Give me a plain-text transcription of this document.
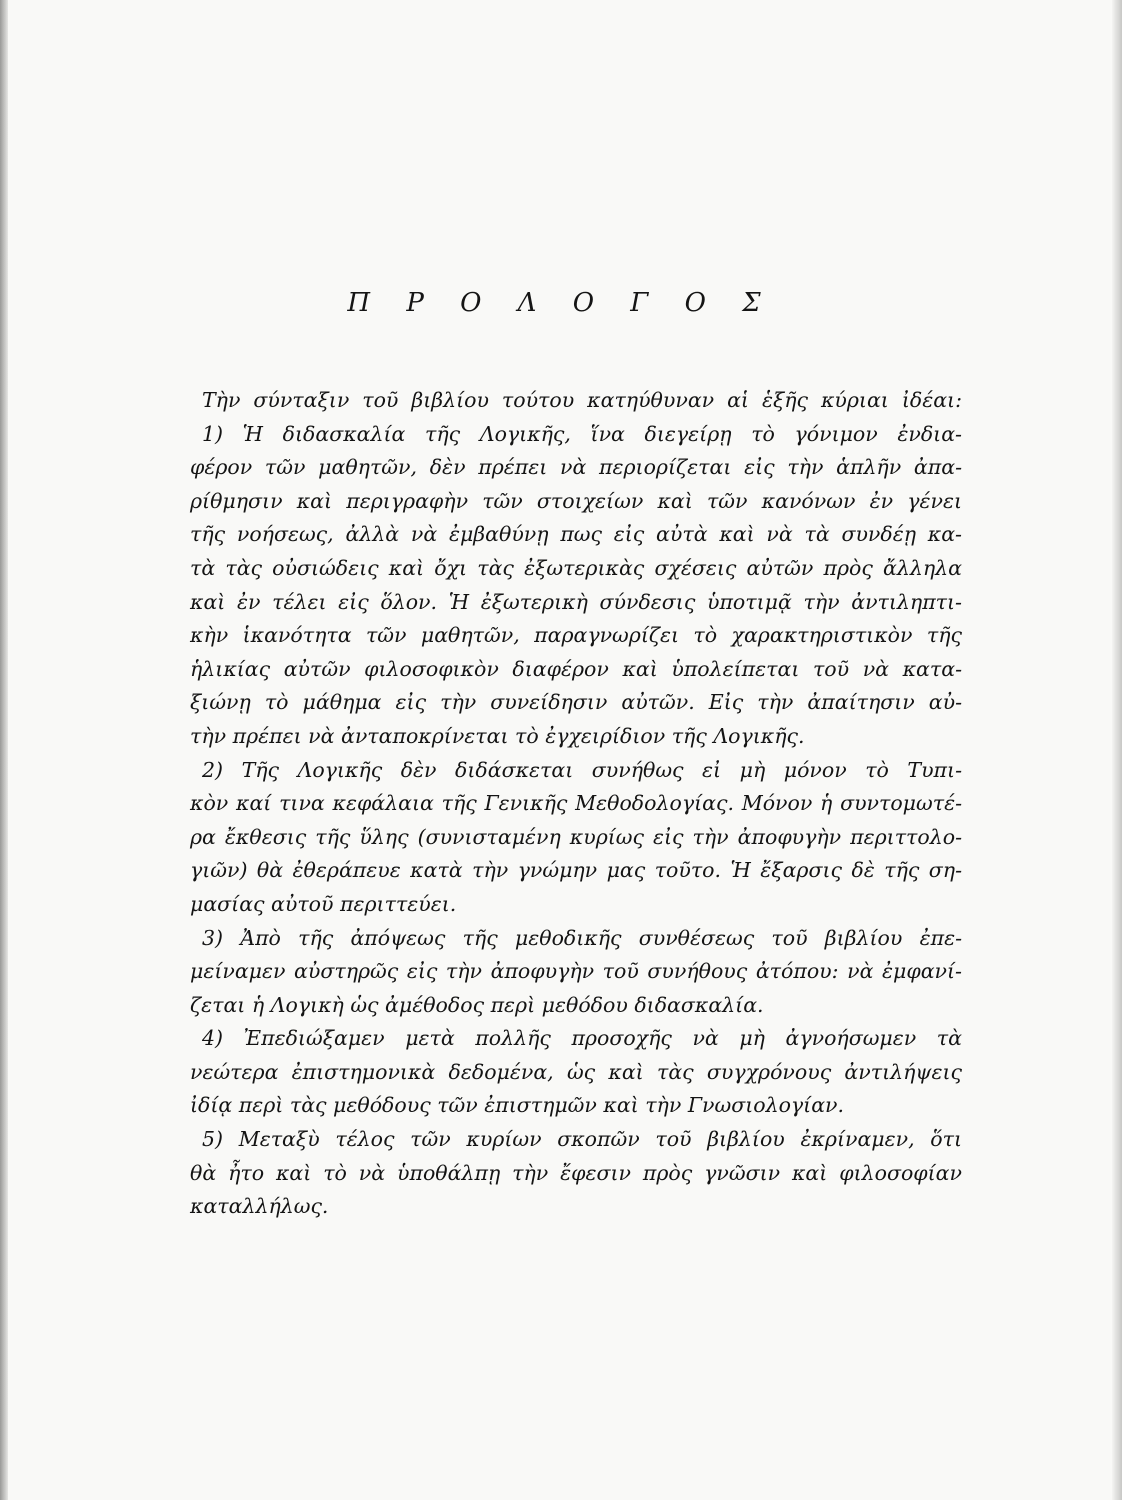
Π Ρ Ο Λ Ο Γ Ο Σ
Τὴν σύνταξιν τοῦ βιβλίου τούτου κατηύθυναν αἱ ἑξῆς κύριαι ἰδέαι:
1) Ἡ διδασκαλία τῆς Λογικῆς, ἵνα διεγείρῃ τὸ γόνιμον ἐνδια-
φέρον τῶν μαθητῶν, δὲν πρέπει νὰ περιορίζεται εἰς τὴν ἁπλῆν ἀπα-
ρίθμησιν καὶ περιγραφὴν τῶν στοιχείων καὶ τῶν κανόνων ἐν γένει
τῆς νοήσεως, ἀλλὰ νὰ ἐμβαθύνῃ πως εἰς αὐτὰ καὶ νὰ τὰ συνδέῃ κα-
τὰ τὰς οὐσιώδεις καὶ ὄχι τὰς ἐξωτερικὰς σχέσεις αὐτῶν πρὸς ἄλληλα
καὶ ἐν τέλει εἰς ὅλον. Ἡ ἐξωτερικὴ σύνδεσις ὑποτιμᾷ τὴν ἀντιληπτι-
κὴν ἱκανότητα τῶν μαθητῶν, παραγνωρίζει τὸ χαρακτηριστικὸν τῆς
ἡλικίας αὐτῶν φιλοσοφικὸν διαφέρον καὶ ὑπολείπεται τοῦ νὰ κατα-
ξιώνῃ τὸ μάθημα εἰς τὴν συνείδησιν αὐτῶν. Εἰς τὴν ἀπαίτησιν αὐ-
τὴν πρέπει νὰ ἀνταποκρίνεται τὸ ἐγχειρίδιον τῆς Λογικῆς.
2) Τῆς Λογικῆς δὲν διδάσκεται συνήθως εἰ μὴ μόνον τὸ Τυπι-
κὸν καί τινα κεφάλαια τῆς Γενικῆς Μεθοδολογίας. Μόνον ἡ συντομωτέ-
ρα ἔκθεσις τῆς ὕλης (συνισταμένη κυρίως εἰς τὴν ἀποφυγὴν περιττολο-
γιῶν) θὰ ἐθεράπευε κατὰ τὴν γνώμην μας τοῦτο. Ἡ ἔξαρσις δὲ τῆς ση-
μασίας αὐτοῦ περιττεύει.
3) Ἀπὸ τῆς ἀπόψεως τῆς μεθοδικῆς συνθέσεως τοῦ βιβλίου ἐπε-
μείναμεν αὐστηρῶς εἰς τὴν ἀποφυγὴν τοῦ συνήθους ἀτόπου: νὰ ἐμφανί-
ζεται ἡ Λογικὴ ὡς ἀμέθοδος περὶ μεθόδου διδασκαλία.
4) Ἐπεδιώξαμεν μετὰ πολλῆς προσοχῆς νὰ μὴ ἀγνοήσωμεν τὰ
νεώτερα ἐπιστημονικὰ δεδομένα, ὡς καὶ τὰς συγχρόνους ἀντιλήψεις
ἰδίᾳ περὶ τὰς μεθόδους τῶν ἐπιστημῶν καὶ τὴν Γνωσιολογίαν.
5) Μεταξὺ τέλος τῶν κυρίων σκοπῶν τοῦ βιβλίου ἐκρίναμεν, ὅτι
θὰ ἦτο καὶ τὸ νὰ ὑποθάλπῃ τὴν ἔφεσιν πρὸς γνῶσιν καὶ φιλοσοφίαν
καταλλήλως.
